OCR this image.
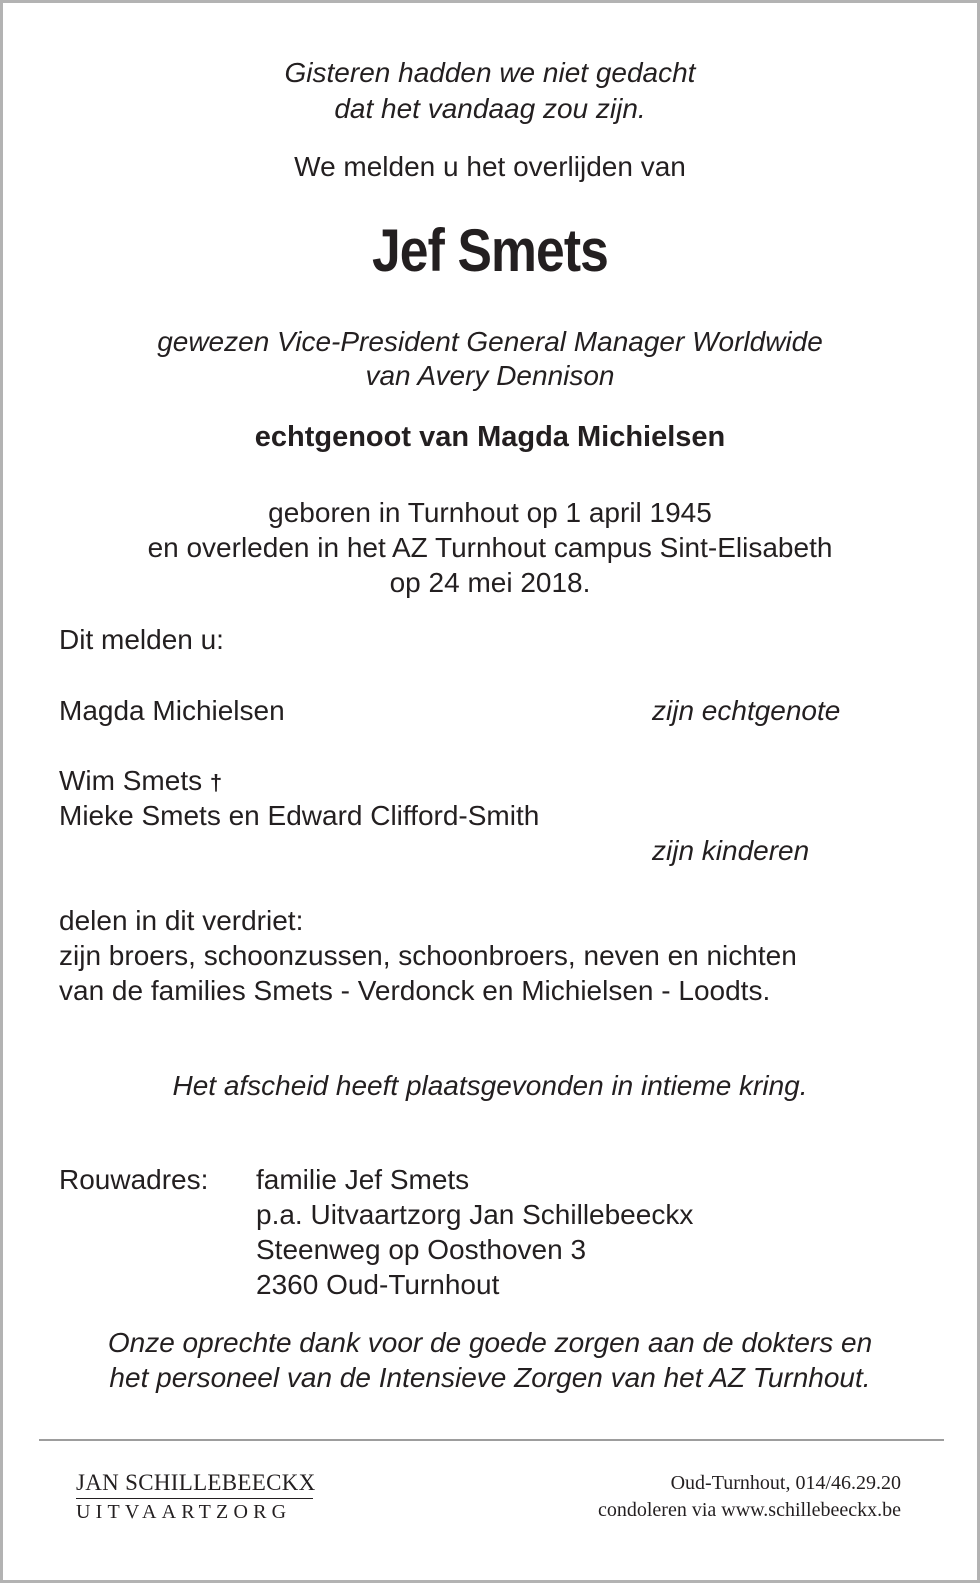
Gisteren hadden we niet gedacht
dat het vandaag zou zijn.
We melden u het overlijden van
Jef Smets
gewezen Vice-President General Manager Worldwide
van Avery Dennison
echtgenoot van Magda Michielsen
geboren in Turnhout op 1 april 1945
en overleden in het AZ Turnhout campus Sint-Elisabeth
op 24 mei 2018.
Dit melden u:
Magda Michielsen	zijn echtgenote
Wim Smets †
Mieke Smets en Edward Clifford-Smith
zijn kinderen
delen in dit verdriet:
zijn broers, schoonzussen, schoonbroers, neven en nichten
van de families Smets - Verdonck en Michielsen - Loodts.
Het afscheid heeft plaatsgevonden in intieme kring.
Rouwadres: familie Jef Smets
p.a. Uitvaartzorg Jan Schillebeeckx
Steenweg op Oosthoven 3
2360 Oud-Turnhout
Onze oprechte dank voor de goede zorgen aan de dokters en
het personeel van de Intensieve Zorgen van het AZ Turnhout.
JAN SCHILLEBEECKX
UITVAARTZORG
Oud-Turnhout, 014/46.29.20
condoleren via www.schillebeeckx.be
